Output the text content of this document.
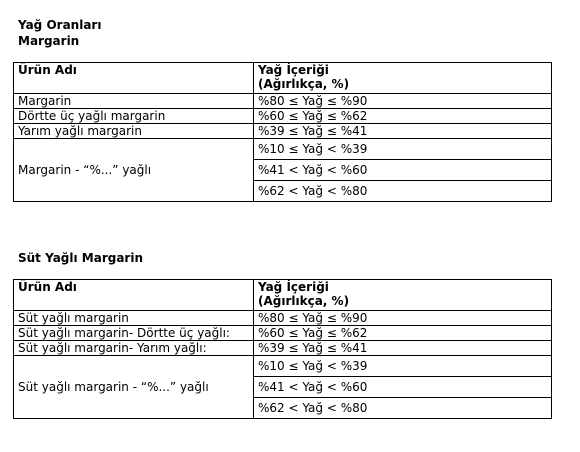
Yağ Oranları

Margarin

Ürün Adı	Yağ İçeriği
(Ağırlıkça, %)

Margarin	%80 ≤ Yağ ≤ %90
Dörtte üç yağlı margarin	%60 ≤ Yağ ≤ %62
Yarım yağlı margarin	%39 ≤ Yağ ≤ %41
Margarin - “%...” yağlı	%10 ≤ Yağ < %39
	%41 < Yağ < %60
	%62 < Yağ < %80

Süt Yağlı Margarin

Ürün Adı	Yağ İçeriği
(Ağırlıkça, %)

Süt yağlı margarin	%80 ≤ Yağ ≤ %90
Süt yağlı margarin- Dörtte üç yağlı:	%60 ≤ Yağ ≤ %62
Süt yağlı margarin- Yarım yağlı:	%39 ≤ Yağ ≤ %41
Süt yağlı margarin - “%...” yağlı	%10 ≤ Yağ < %39
	%41 < Yağ < %60
	%62 < Yağ < %80
